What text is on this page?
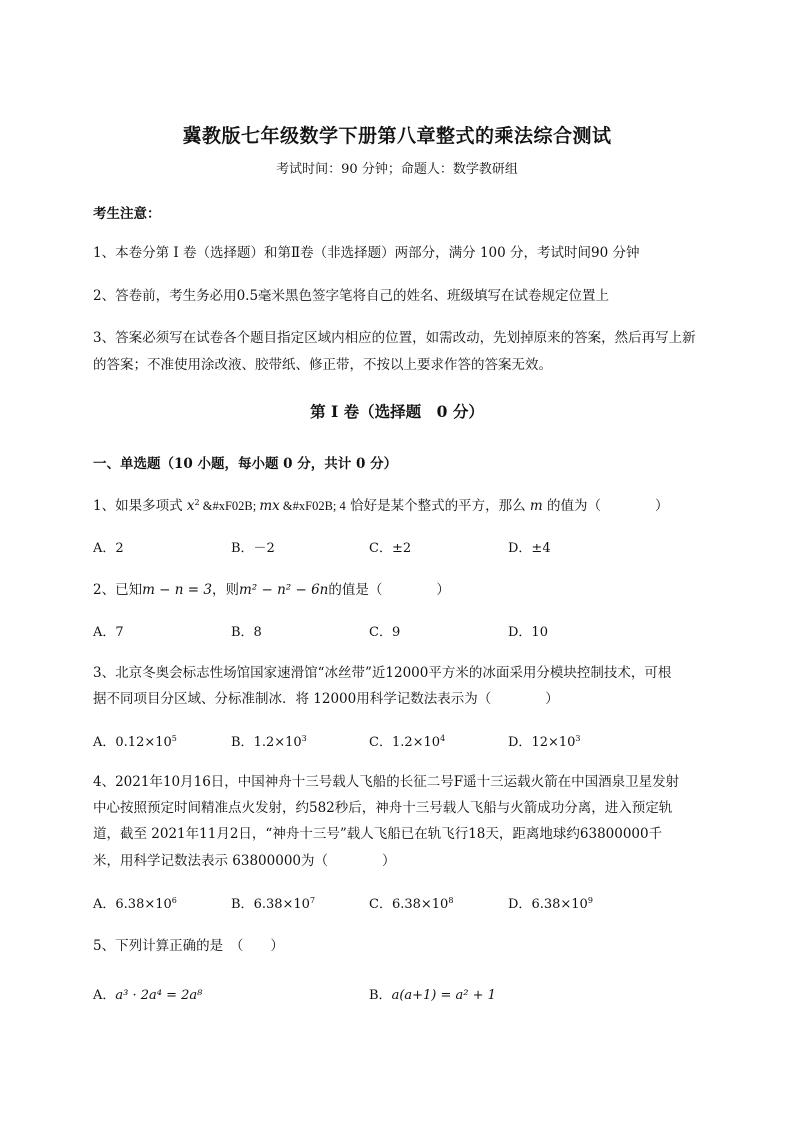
冀教版七年级数学下册第八章整式的乘法综合测试
考试时间：90 分钟；命题人：数学教研组
考生注意：
1、本卷分第 I 卷（选择题）和第Ⅱ卷（非选择题）两部分，满分 100 分，考试时间90 分钟
2、答卷前，考生务必用0.5毫米黑色签字笔将自己的姓名、班级填写在试卷规定位置上
3、答案必须写在试卷各个题目指定区域内相应的位置，如需改动，先划掉原来的答案，然后再写上新
的答案；不准使用涂改液、胶带纸、修正带，不按以上要求作答的答案无效。
第 I 卷（选择题　0 分）
一、单选题（10 小题，每小题 0 分，共计 0 分）
1、如果多项式 $x^2$ &#xF02B; mx &#xF02B; 4 恰好是某个整式的平方，那么 m 的值为（　　　　）
A．2	B．－2	C．±2	D．±4
2、已知m − n = 3，则m² − n² − 6n的值是（　　　　）
A．7	B．8	C．9	D．10
3、北京冬奥会标志性场馆国家速滑馆“冰丝带”近12000平方米的冰面采用分模块控制技术，可根
据不同项目分区域、分标准制冰．将 12000用科学记数法表示为（　　　　）
A．$0.12\times 10^5$	B．$1.2\times 10^3$	C．$1.2\times 10^4$	D．$12\times 10^3$
4、2021年10月16日，中国神舟十三号载人飞船的长征二号F遥十三运载火箭在中国酒泉卫星发射
中心按照预定时间精准点火发射，约582秒后，神舟十三号载人飞船与火箭成功分离，进入预定轨
道，截至 2021年11月2日，“神舟十三号”载人飞船已在轨飞行18天，距离地球约63800000千
米，用科学记数法表示 63800000为（　　　　）
A．$6.38\times 10^6$	B．$6.38\times 10^7$	C．$6.38\times 10^8$	D．$6.38\times 10^9$
5、下列计算正确的是　（　　）
A．a³ · 2a⁴ = 2a⁸	B．a(a+1) = a² + 1
